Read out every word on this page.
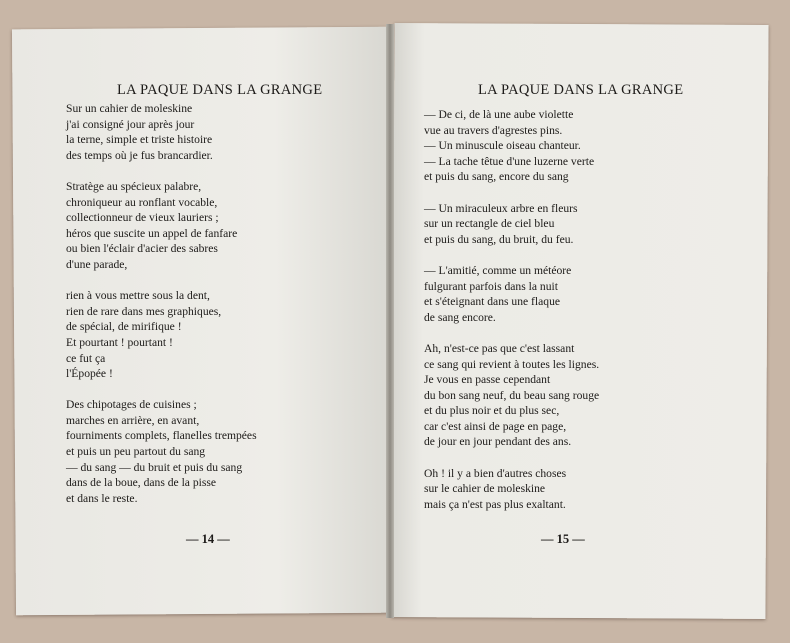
LA PAQUE DANS LA GRANGE
Sur un cahier de moleskine
j'ai consigné jour après jour
la terne, simple et triste histoire
des temps où je fus brancardier.
Stratège au spécieux palabre,
chroniqueur au ronflant vocable,
collectionneur de vieux lauriers ;
héros que suscite un appel de fanfare
ou bien l'éclair d'acier des sabres
d'une parade,
rien à vous mettre sous la dent,
rien de rare dans mes graphiques,
de spécial, de mirifique !
Et pourtant ! pourtant !
ce fut ça
l'Épopée !
Des chipotages de cuisines ;
marches en arrière, en avant,
fourniments complets, flanelles trempées
et puis un peu partout du sang
— du sang — du bruit et puis du sang
dans de la boue, dans de la pisse
et dans le reste.
— 14 —
LA PAQUE DANS LA GRANGE
— De ci, de là une aube violette
vue au travers d'agrestes pins.
— Un minuscule oiseau chanteur.
— La tache têtue d'une luzerne verte
et puis du sang, encore du sang
— Un miraculeux arbre en fleurs
sur un rectangle de ciel bleu
et puis du sang, du bruit, du feu.
— L'amitié, comme un météore
fulgurant parfois dans la nuit
et s'éteignant dans une flaque
de sang encore.
Ah, n'est-ce pas que c'est lassant
ce sang qui revient à toutes les lignes.
Je vous en passe cependant
du bon sang neuf, du beau sang rouge
et du plus noir et du plus sec,
car c'est ainsi de page en page,
de jour en jour pendant des ans.
Oh ! il y a bien d'autres choses
sur le cahier de moleskine
mais ça n'est pas plus exaltant.
— 15 —
